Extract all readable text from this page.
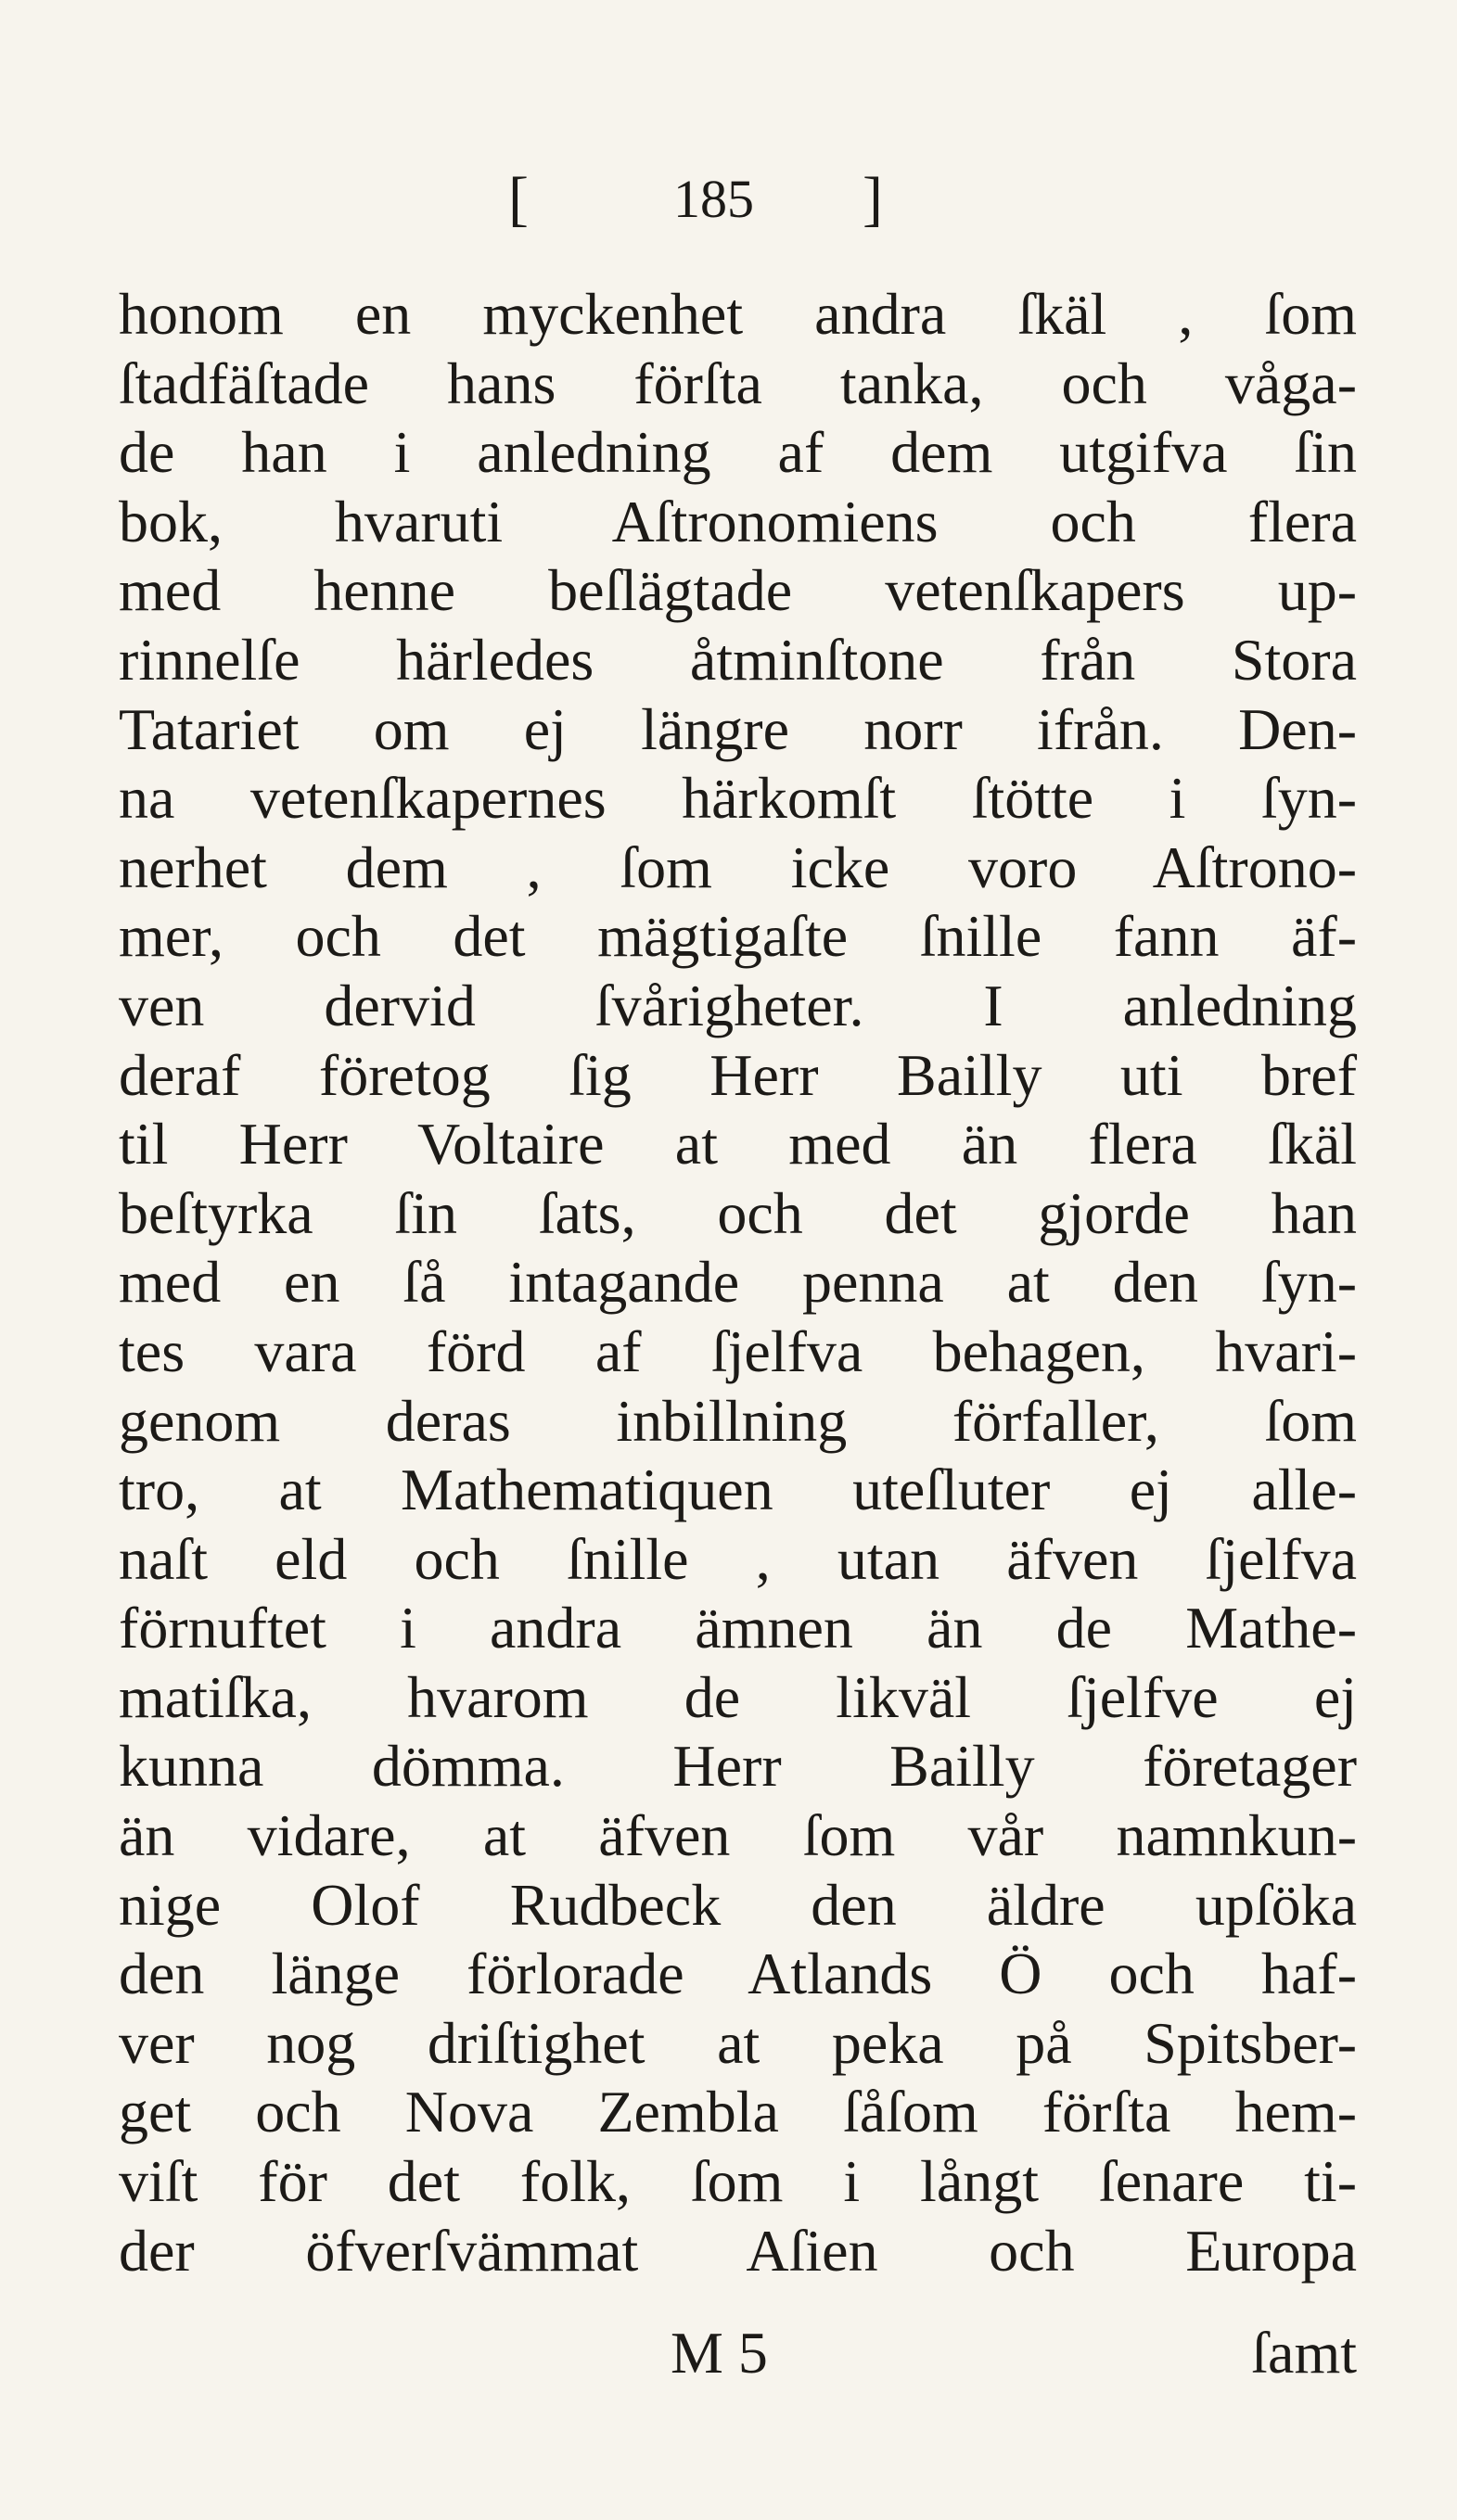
[	185 ]
honom en myckenhet andra ſkäl , ſom
ſtadfäſtade hans förſta tanka, och våga-
de han i anledning af dem utgifva ſin
bok, hvaruti Aſtronomiens och flera
med henne beſlägtade vetenſkapers up-
rinnelſe härledes åtminſtone från Stora
Tatariet om ej längre norr ifrån. Den-
na vetenſkapernes härkomſt ſtötte i ſyn-
nerhet dem , ſom icke voro Aſtrono-
mer, och det mägtigaſte ſnille fann äf-
ven dervid ſvårigheter. I anledning
deraf företog ſig Herr Bailly uti bref
til Herr Voltaire at med än flera ſkäl
beſtyrka ſin ſats, och det gjorde han
med en ſå intagande penna at den ſyn-
tes vara förd af ſjelfva behagen, hvari-
genom deras inbillning förfaller, ſom
tro, at Mathematiquen uteſluter ej alle-
naſt eld och ſnille , utan äfven ſjelfva
förnuftet i andra ämnen än de Mathe-
matiſka, hvarom de likväl ſjelfve ej
kunna dömma. Herr Bailly företager
än vidare, at äfven ſom vår namnkun-
nige Olof Rudbeck den äldre upſöka
den länge förlorade Atlands Ö och haf-
ver nog driſtighet at peka på Spitsber-
get och Nova Zembla ſåſom förſta hem-
viſt för det folk, ſom i långt ſenare ti-
der öfverſvämmat Aſien och Europa
M 5	ſamt
